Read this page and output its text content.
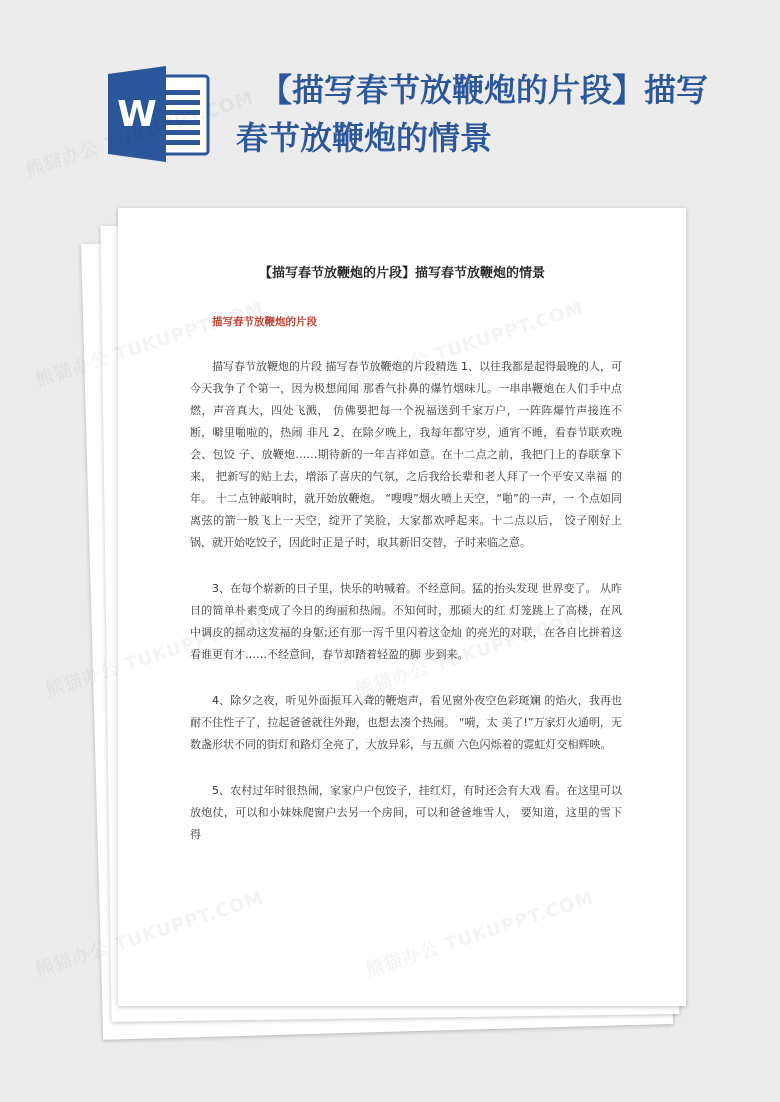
W
【描写春节放鞭炮的片段】描写春节放鞭炮的情景
【描写春节放鞭炮的片段】描写春节放鞭炮的情景
描写春节放鞭炮的片段

描写春节放鞭炮的片段 描写春节放鞭炮的片段精选 1、以往我都是起得最晚的人，可今天我争了个第一，因为极想闻闻 那香气扑鼻的爆竹烟味儿。一串串鞭炮在人们手中点燃，声音真大，四处飞溅， 仿佛要把每一个祝福送到千家万户，一阵阵爆竹声接连不断，噼里啪啦的，热闹 非凡 2、在除夕晚上，我每年都守岁，通宵不睡，看春节联欢晚会、包饺 子、放鞭炮……期待新的一年吉祥如意。在十二点之前，我把门上的春联拿下来， 把新写的贴上去，增添了喜庆的气氛，之后我给长辈和老人拜了一个平安又幸福 的年。 十二点钟敲响时，就开始放鞭炮。 “嗖嗖”烟火喷上天空，“啪”的一声，一 个点如同离弦的箭一般飞上一天空，绽开了笑脸，大家都欢呼起来。十二点以后， 饺子刚好上锅，就开始吃饺子，因此时正是子时，取其新旧交替，子时来临之意。

3、在每个崭新的日子里，快乐的呐喊着。不经意间。猛的抬头发现 世界变了。 从昨日的简单朴素变成了今日的绚丽和热闹。不知何时，那硕大的红 灯笼跳上了高楼，在风中调皮的摇动这发福的身躯;还有那一泻千里闪着这金灿 的亮光的对联，在各自比拼着这看谁更有才……不经意间，春节却踏着轻盈的脚 步到来。

4、除夕之夜，听见外面振耳入聋的鞭炮声，看见窗外夜空色彩斑斓 的焰火，我再也耐不住性子了，拉起爸爸就往外跑，也想去凑个热闹。 “嗬，太 美了!”万家灯火通明，无数盏形状不同的街灯和路灯全亮了，大放异彩，与五颜 六色闪烁着的霓虹灯交相辉映。

5、农村过年时很热闹，家家户户包饺子，挂红灯，有时还会有大戏 看。在这里可以放炮仗，可以和小妹妹爬窗户去另一个房间，可以和爸爸堆雪人， 要知道，这里的雪下得
